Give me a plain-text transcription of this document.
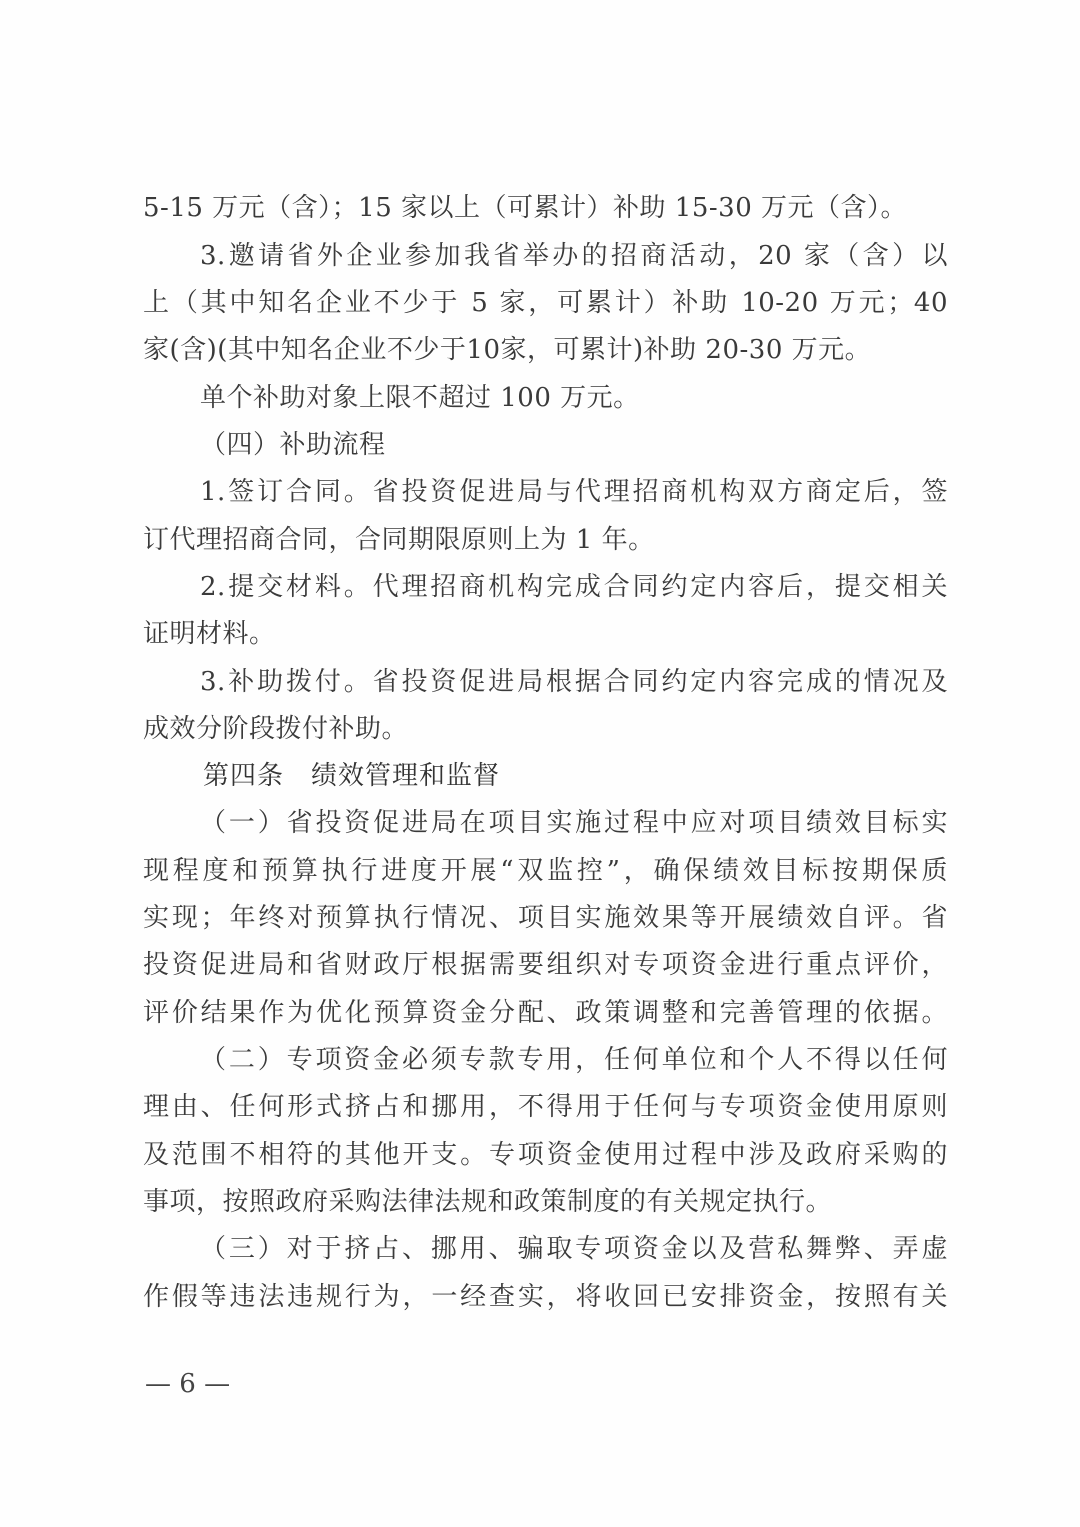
5-15 万元（含）；15 家以上（可累计）补助 15-30 万元（含）。
3.邀请省外企业参加我省举办的招商活动，20 家（含）以
上（其中知名企业不少于 5 家，可累计）补助 10-20 万元；40
家(含)(其中知名企业不少于10家，可累计)补助 20-30 万元。
单个补助对象上限不超过 100 万元。
（四）补助流程
1.签订合同。省投资促进局与代理招商机构双方商定后，签
订代理招商合同，合同期限原则上为 1 年。
2.提交材料。代理招商机构完成合同约定内容后，提交相关
证明材料。
3.补助拨付。省投资促进局根据合同约定内容完成的情况及
成效分阶段拨付补助。
第四条　绩效管理和监督
（一）省投资促进局在项目实施过程中应对项目绩效目标实
现程度和预算执行进度开展“双监控”，确保绩效目标按期保质
实现；年终对预算执行情况、项目实施效果等开展绩效自评。省
投资促进局和省财政厅根据需要组织对专项资金进行重点评价，
评价结果作为优化预算资金分配、政策调整和完善管理的依据。
（二）专项资金必须专款专用，任何单位和个人不得以任何
理由、任何形式挤占和挪用，不得用于任何与专项资金使用原则
及范围不相符的其他开支。专项资金使用过程中涉及政府采购的
事项，按照政府采购法律法规和政策制度的有关规定执行。
（三）对于挤占、挪用、骗取专项资金以及营私舞弊、弄虚
作假等违法违规行为，一经查实，将收回已安排资金，按照有关
— 6 —
